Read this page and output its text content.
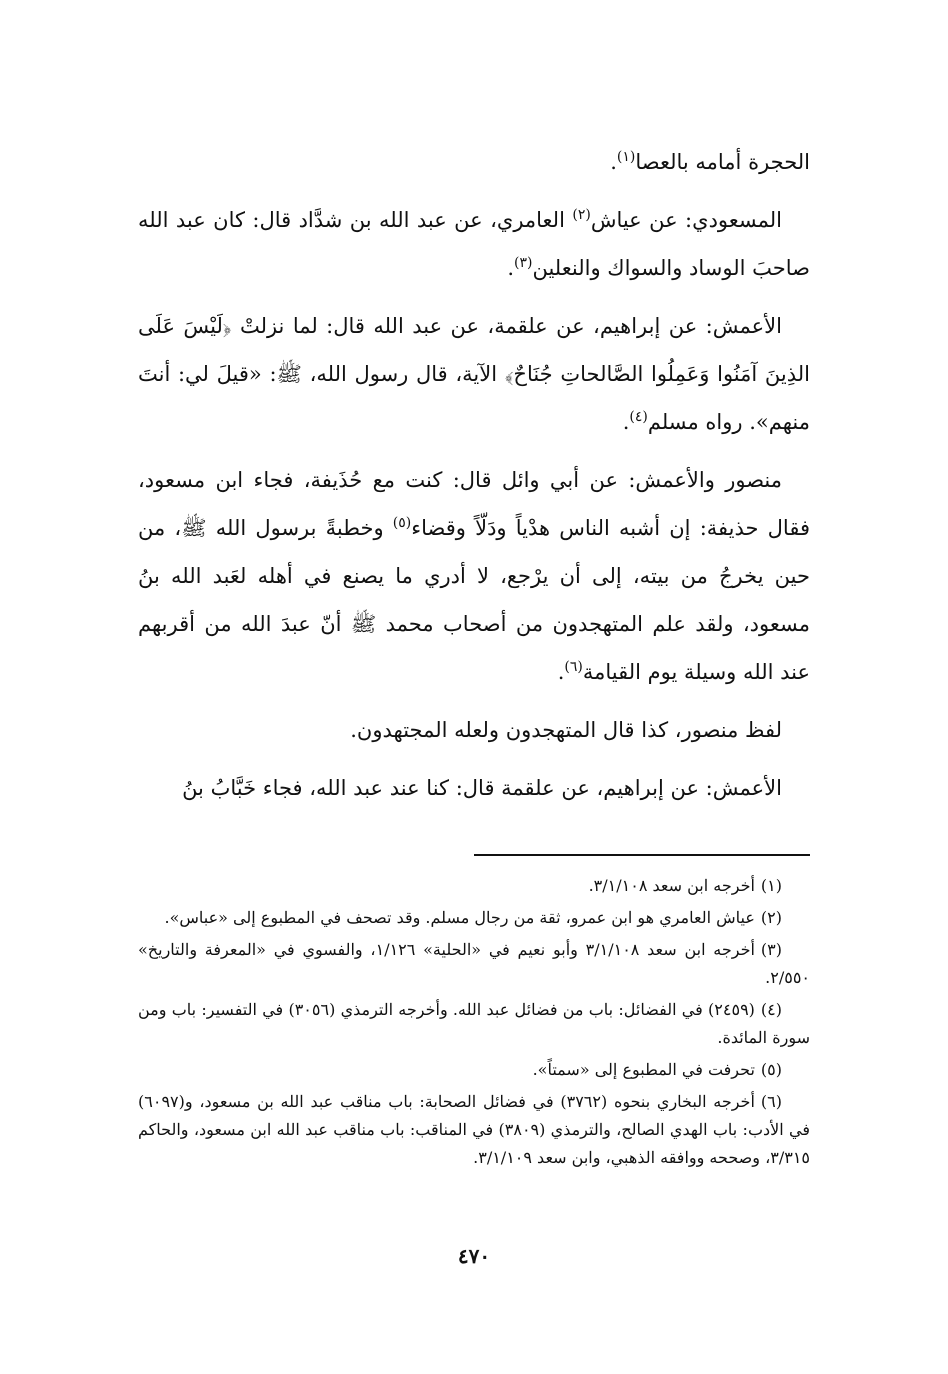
الحجرة أمامه بالعصا$^{(١)}$.

المسعودي: عن عياش$^{(٢)}$ العامري، عن عبد الله بن شدَّاد قال: كان عبد الله صاحبَ الوساد والسواك والنعلين$^{(٣)}$.

الأعمش: عن إبراهيم، عن علقمة، عن عبد الله قال: لما نزلتْ ﴿لَيْسَ عَلَى الذِينَ آمَنُوا وَعَمِلُوا الصَّالحاتِ جُنَاحٌ﴾ الآية، قال رسول الله، ﷺ: «قيلَ لي: أنتَ منهم». رواه مسلم$^{(٤)}$.

منصور والأعمش: عن أبي وائل قال: كنت مع حُذَيفة، فجاء ابن مسعود، فقال حذيفة: إن أشبه الناس هدْياً ودَلّاً وقضاء$^{(٥)}$ وخطبةً برسول الله ﷺ، من حين يخرجُ من بيته، إلى أن يرْجع، لا أدري ما يصنع في أهله لعَبد الله بنُ مسعود، ولقد علم المتهجدون من أصحاب محمد ﷺ أنّ عبدَ الله من أقربهم عند الله وسيلة يوم القيامة$^{(٦)}$.

لفظ منصور، كذا قال المتهجدون ولعله المجتهدون.

الأعمش: عن إبراهيم، عن علقمة قال: كنا عند عبد الله، فجاء خَبَّابُ بنُ

(١)أخرجه ابن سعد ٣/١/١٠٨.

(٢)عياش العامري هو ابن عمرو، ثقة من رجال مسلم. وقد تصحف في المطبوع إلى «عباس».

(٣)أخرجه ابن سعد ٣/١/١٠٨ وأبو نعيم في «الحلية» ١/١٢٦، والفسوي في «المعرفة والتاريخ» ٢/٥٥٠.

(٤)(٢٤٥٩) في الفضائل: باب من فضائل عبد الله. وأخرجه الترمذي (٣٠٥٦) في التفسير: باب ومن سورة المائدة.

(٥)تحرفت في المطبوع إلى «سمتاً».

(٦)أخرجه البخاري بنحوه (٣٧٦٢) في فضائل الصحابة: باب مناقب عبد الله بن مسعود، و(٦٠٩٧) في الأدب: باب الهدي الصالح، والترمذي (٣٨٠٩) في المناقب: باب مناقب عبد الله ابن مسعود، والحاكم ٣/٣١٥، وصححه ووافقه الذهبي، وابن سعد ٣/١/١٠٩.

٤٧٠
